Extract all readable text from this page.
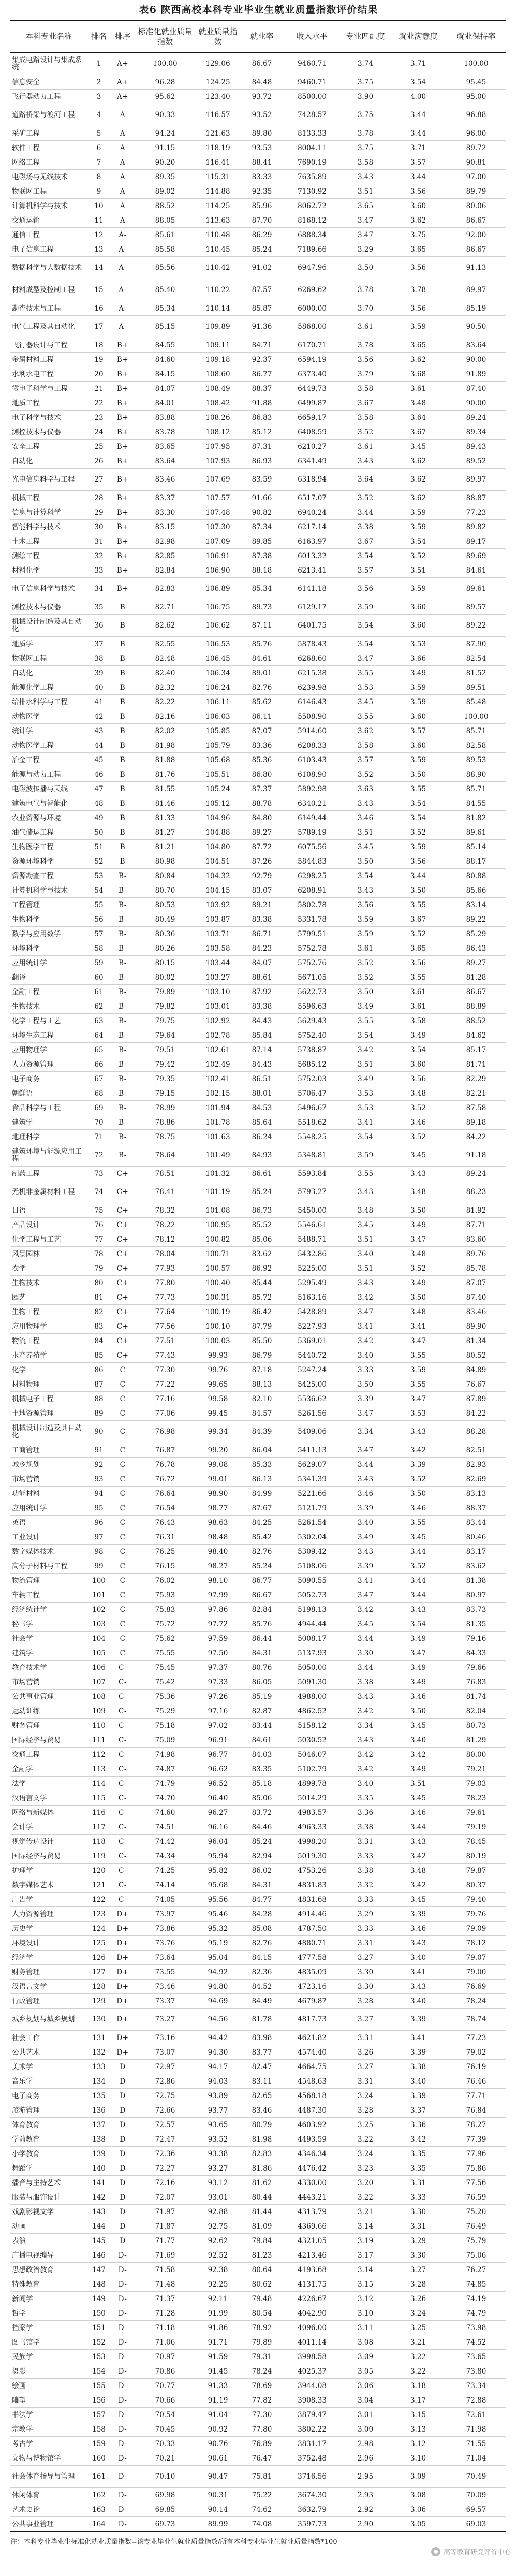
表6 陕西高校本科专业毕业生就业质量指数评价结果
本科专业名称	排名	排序	标准化就业质量指数	就业质量指数	就业率	收入水平	专业匹配度	就业满意度	就业保持率
集成电路设计与集成系统	1	A+	100.00	129.06	86.67	9460.71	3.74	3.71	100.00
信息安全	2	A+	96.28	124.25	84.48	9460.71	3.75	3.54	95.45
飞行器动力工程	3	A+	95.62	123.40	93.72	8500.00	3.90	4.00	95.00
道路桥梁与渡河工程	4	A	90.33	116.57	93.52	7428.57	3.75	3.44	96.88
采矿工程	5	A	94.24	121.63	89.80	8133.33	3.78	3.44	96.00
软件工程	6	A	91.15	118.19	93.53	8004.11	3.75	3.71	89.72
网络工程	7	A	90.20	116.41	88.41	7690.19	3.58	3.57	90.81
电磁场与无线技术	8	A	89.35	115.31	83.33	7635.89	3.43	3.44	97.00
物联网工程	9	A	89.02	114.88	92.35	7130.92	3.51	3.56	89.79
计算机科学与技术	10	A	88.52	114.25	85.96	8062.72	3.65	3.60	80.06
交通运输	11	A	88.05	113.63	87.70	8168.12	3.47	3.62	86.67
通信工程	12	A-	85.61	110.48	86.29	6888.34	3.47	3.75	92.00
电子信息工程	13	A-	85.58	110.45	85.24	7189.66	3.29	3.65	86.67
数据科学与大数据技术	14	A-	85.56	110.42	91.02	6947.96	3.50	3.56	91.13
材料成型及控制工程	15	A-	85.40	110.22	87.57	6269.62	3.78	3.78	89.97
勘查技术与工程	16	A-	85.34	110.14	85.87	6000.00	3.70	3.56	85.19
电气工程及其自动化	17	A-	85.15	109.89	91.36	5868.00	3.61	3.59	90.50
飞行器设计与工程	18	B+	84.55	109.11	84.71	6170.71	3.78	3.65	83.64
金属材料工程	19	B+	84.60	109.18	92.37	6594.19	3.56	3.62	90.00
水利水电工程	20	B+	84.15	108.60	86.77	6373.40	3.79	3.68	91.89
微电子科学与工程	21	B+	84.07	108.49	88.37	6449.73	3.58	3.61	87.40
地质工程	22	B+	84.01	108.42	91.88	6499.87	3.67	3.48	90.00
电子科学与技术	23	B+	83.88	108.26	86.83	6659.17	3.58	3.64	89.24
测控技术与仪器	24	B+	83.78	108.12	85.12	6408.59	3.52	3.67	89.34
安全工程	25	B+	83.65	107.95	87.31	6210.27	3.61	3.45	89.43
自动化	26	B+	83.64	107.93	86.93	6341.49	3.43	3.62	89.52
光电信息科学与工程	27	B+	83.46	107.69	83.59	6318.94	3.64	3.62	89.97
机械工程	28	B+	83.37	107.57	91.66	6517.07	3.52	3.62	88.87
信息与计算科学	29	B+	83.30	107.48	90.82	6940.24	3.44	3.59	77.23
智能科学与技术	30	B+	83.15	107.30	87.34	6217.14	3.38	3.59	89.82
土木工程	31	B+	82.98	107.09	89.85	6163.97	3.67	3.54	89.17
测绘工程	32	B+	82.85	106.91	87.38	6013.32	3.54	3.52	89.69
材料化学	33	B+	82.84	106.90	88.18	6213.41	3.57	3.51	84.61
电子信息科学与技术	34	B+	82.83	106.89	85.34	6141.18	3.56	3.59	89.61
测控技术与仪器	35	B	82.71	106.75	89.73	6129.17	3.59	3.60	89.57
机械设计制造及其自动化	36	B	82.62	106.62	87.11	6401.75	3.54	3.60	89.22
地质学	37	B	82.55	106.53	85.76	5878.43	3.54	3.53	87.90
物联网工程	38	B	82.48	106.45	84.61	6268.60	3.47	3.66	82.54
自动化	39	B	82.40	106.34	89.01	6215.38	3.55	3.49	81.52
能源化学工程	40	B	82.32	106.24	82.76	6239.98	3.53	3.59	89.51
给排水科学与工程	41	B	82.22	106.11	85.62	6146.43	3.45	3.59	85.48
动物医学	42	B	82.16	106.03	86.11	5508.90	3.55	3.60	100.00
统计学	43	B	82.02	105.85	87.07	5914.60	3.62	3.57	85.71
动物医学工程	44	B	81.98	105.79	83.36	6208.33	3.58	3.60	82.58
冶金工程	45	B	81.88	105.68	85.36	6103.43	3.57	3.59	89.53
能源与动力工程	46	B	81.76	105.51	86.80	6108.90	3.52	3.50	88.90
电磁波传播与天线	47	B	81.55	105.24	87.37	5892.98	3.63	3.55	85.71
建筑电气与智能化	48	B	81.46	105.12	88.78	6340.21	3.43	3.54	84.55
农业资源与环境	49	B	81.33	104.96	84.80	6149.44	3.46	3.54	81.82
油气储运工程	50	B	81.27	104.88	89.27	5789.19	3.51	3.52	89.61
生物医学工程	51	B	81.21	104.80	87.72	6075.56	3.45	3.59	85.14
资源环境科学	52	B	80.98	104.51	87.26	5844.83	3.50	3.56	88.17
资源勘查工程	53	B-	80.84	104.32	92.79	6298.25	3.54	3.44	80.88
计算机科学与技术	54	B-	80.70	104.15	83.07	6208.91	3.43	3.50	85.66
工程管理	55	B-	80.53	103.92	89.21	5802.78	3.56	3.55	83.14
生物科学	56	B-	80.49	103.87	83.38	5331.78	3.59	3.67	89.22
数学与应用数学	57	B-	80.36	103.71	86.71	5799.51	3.59	3.52	85.29
环境科学	58	B-	80.26	103.58	84.23	5752.78	3.61	3.65	86.43
应用统计学	59	B-	80.15	103.44	84.07	5752.76	3.52	3.56	89.27
翻译	60	B-	80.02	103.27	88.61	5671.05	3.52	3.55	81.28
金融工程	61	B-	79.89	103.10	87.92	5622.73	3.50	3.61	86.67
生物技术	62	B-	79.82	103.01	83.38	5596.63	3.49	3.61	88.89
化学工程与工艺	63	B-	79.75	102.92	84.43	5629.43	3.55	3.58	88.52
环境生态工程	64	B-	79.64	102.78	85.84	5752.40	3.54	3.49	84.62
应用物理学	65	B-	79.51	102.61	87.14	5738.87	3.42	3.54	85.17
人力资源管理	66	B-	79.42	102.49	84.43	5685.12	3.51	3.60	81.71
电子商务	67	B-	79.35	102.41	86.51	5752.03	3.49	3.56	82.29
朝鲜语	68	B-	79.15	102.15	88.01	5706.47	3.53	3.48	82.21
食品科学与工程	69	B-	78.99	101.94	84.53	5496.67	3.53	3.52	87.58
建筑学	70	B-	78.86	101.78	85.64	5518.62	3.41	3.46	89.18
地理科学	71	B-	78.75	101.63	86.24	5548.25	3.54	3.52	84.22
建筑环境与能源应用工程	72	B-	78.64	101.49	84.93	5348.81	3.59	3.45	91.18
制药工程	73	C+	78.51	101.32	86.61	5593.84	3.55	3.43	89.24
无机非金属材料工程	74	C+	78.41	101.19	85.24	5793.27	3.43	3.48	88.23
日语	75	C+	78.32	101.08	86.73	5450.00	3.48	3.50	81.92
产品设计	76	C+	78.22	100.95	85.52	5546.61	3.45	3.49	87.71
化学工程与工艺	77	C+	78.12	100.82	85.06	5488.71	3.51	3.47	83.60
风景园林	78	C+	78.04	100.71	83.62	5432.86	3.40	3.48	89.76
农学	79	C+	77.93	100.57	86.92	5225.00	3.51	3.52	85.78
生物技术	80	C+	77.80	100.40	85.44	5295.49	3.43	3.49	87.07
园艺	81	C+	77.73	100.31	85.72	5163.16	3.42	3.50	87.40
生物工程	82	C+	77.64	100.19	86.42	5428.89	3.47	3.48	83.46
应用物理学	83	C+	77.56	100.10	87.79	5227.93	3.41	3.41	89.90
物流工程	84	C+	77.51	100.03	85.50	5369.01	3.42	3.47	81.34
水产养殖学	85	C+	77.43	99.93	86.79	5440.72	3.40	3.55	80.52
化学	86	C	77.30	99.76	87.18	5247.24	3.33	3.59	84.89
材料物理	87	C	77.22	99.65	88.13	5425.00	3.50	3.55	76.67
机械电子工程	88	C	77.16	99.58	82.10	5536.62	3.39	3.47	87.89
土地资源管理	89	C	77.06	99.45	84.57	5261.56	3.47	3.53	84.22
机械设计制造及其自动化	90	C	76.98	99.34	84.39	5409.06	3.34	3.43	88.28
工商管理	91	C	76.87	99.20	86.04	5411.13	3.47	3.42	82.51
城乡规划	92	C	76.78	99.08	85.33	5629.07	3.44	3.39	82.93
市场营销	93	C	76.72	99.01	86.13	5341.39	3.43	3.52	82.69
功能材料	94	C	76.64	98.90	84.99	5221.66	3.46	3.50	83.13
应用统计学	95	C	76.54	98.77	87.67	5121.79	3.39	3.46	88.37
英语	96	C	76.43	98.63	84.25	5261.54	3.40	3.55	83.44
工业设计	97	C	76.31	98.48	85.42	5302.04	3.49	3.45	80.46
数字媒体技术	98	C	76.25	98.40	82.76	5309.42	3.43	3.44	83.17
高分子材料与工程	99	C	76.15	98.27	85.24	5108.06	3.39	3.52	83.62
物流管理	100	C	76.02	98.10	86.77	5090.55	3.41	3.44	81.38
车辆工程	101	C	75.93	97.99	86.67	5052.73	3.47	3.44	80.97
经济统计学	102	C	75.83	97.86	82.84	5198.13	3.42	3.43	83.73
秘书学	103	C	75.72	97.72	85.76	4944.44	3.45	3.54	81.35
社会学	104	C	75.62	97.59	86.44	5008.17	3.44	3.49	79.16
建筑学	105	C	75.55	97.50	84.31	5137.93	3.30	3.47	84.33
教育技术学	106	C-	75.45	97.37	80.76	5050.00	3.44	3.49	79.66
市场营销	107	C-	75.42	97.33	86.05	5091.30	3.38	3.49	76.83
公共事业管理	108	C-	75.36	97.26	85.19	4988.00	3.43	3.46	81.74
运动训练	109	C-	75.29	97.16	82.87	4862.52	3.42	3.50	82.04
财务管理	110	C-	75.18	97.02	83.44	5158.12	3.34	3.45	80.73
国际经济与贸易	111	C-	75.09	96.91	84.61	5030.52	3.43	3.40	81.29
交通工程	112	C-	74.98	96.77	84.03	5046.07	3.42	3.42	80.00
金融学	113	C-	74.87	96.62	83.35	5102.79	3.42	3.49	79.21
法学	114	C-	74.79	96.52	85.18	4899.78	3.40	3.51	79.03
汉语言文学	115	C-	74.70	96.40	85.06	5014.29	3.35	3.45	78.23
网络与新媒体	116	C-	74.60	96.27	83.72	4983.57	3.36	3.46	79.61
会计学	117	C-	74.51	96.16	84.46	4963.33	3.38	3.44	79.19
视觉传达设计	118	C-	74.42	96.04	85.24	4998.20	3.31	3.43	78.45
国际经济与贸易	119	C-	74.34	95.94	82.94	5019.30	3.33	3.42	80.19
护理学	120	C-	74.25	95.82	86.02	4753.26	3.38	3.48	79.87
数字媒体艺术	121	C-	74.14	95.68	84.31	4831.83	3.32	3.42	80.37
广告学	122	C-	74.05	95.56	84.77	4831.68	3.33	3.45	79.40
人力资源管理	123	D+	73.97	95.46	84.28	4914.46	3.29	3.39	79.76
历史学	124	D+	73.86	95.32	85.08	4787.50	3.33	3.46	79.09
环境设计	125	D+	73.76	95.19	82.76	4880.71	3.31	3.43	78.12
经济学	126	D+	73.64	95.04	84.15	4777.58	3.27	3.40	79.07
财务管理	127	D+	73.55	94.92	82.36	4835.09	3.30	3.41	79.00
汉语言文学	128	D+	73.46	94.80	84.52	4723.16	3.30	3.43	76.69
行政管理	129	D+	73.37	94.69	84.49	4679.87	3.28	3.40	78.24
城乡规划与城乡规划	130	D+	73.27	94.56	81.78	4817.73	3.27	3.39	78.74
社会工作	131	D+	73.16	94.42	83.98	4621.82	3.31	3.41	77.23
公共艺术	132	D+	73.07	94.30	83.77	4574.40	3.26	3.39	79.02
美术学	133	D	72.97	94.17	82.47	4664.75	3.27	3.38	76.19
音乐学	134	D	72.86	94.03	83.11	4548.63	3.31	3.40	76.46
电子商务	135	D	72.75	93.89	82.65	4568.18	3.24	3.39	77.71
旅游管理	136	D	72.66	93.77	83.46	4487.30	3.28	3.37	76.84
体育教育	137	D	72.57	93.65	80.79	4603.92	3.25	3.36	78.27
学前教育	138	D	72.47	93.52	81.98	4493.59	3.22	3.42	77.39
小学教育	139	D	72.36	93.38	82.83	4346.34	3.24	3.35	77.96
舞蹈学	140	D	72.27	93.27	81.86	4476.42	3.23	3.35	75.86
播音与主持艺术	141	D	72.16	93.12	81.62	4330.00	3.20	3.31	77.56
服装与服饰设计	142	D	72.07	93.01	80.44	4443.21	3.22	3.33	76.59
戏剧影视文学	143	D	71.97	92.88	81.44	4313.79	3.21	3.30	75.20
动画	144	D	71.87	92.75	81.09	4369.66	3.14	3.31	76.49
表演	145	D	71.77	92.62	79.84	4321.05	3.19	3.29	75.79
广播电视编导	146	D-	71.69	92.52	81.23	4213.46	3.17	3.30	75.06
思想政治教育	147	D-	71.58	92.38	80.64	4193.68	3.14	3.27	76.27
特殊教育	148	D-	71.48	92.25	80.62	4131.75	3.15	3.28	74.85
新闻学	149	D-	71.37	92.11	79.48	4226.67	3.12	3.26	74.19
哲学	150	D-	71.28	91.99	80.54	4042.90	3.10	3.24	74.79
档案学	151	D-	71.18	91.86	78.92	4096.00	3.11	3.25	73.98
图书馆学	152	D-	71.06	91.71	79.89	4011.14	3.08	3.21	74.52
民族学	153	D-	70.97	91.59	79.31	3998.58	3.09	3.22	73.65
摄影	154	D-	70.86	91.45	78.24	4025.37	3.05	3.22	73.80
绘画	155	D-	70.77	91.33	78.69	3944.08	3.06	3.18	73.34
雕塑	156	D-	70.66	91.19	77.82	3908.33	3.04	3.17	72.88
书法学	157	D-	70.54	91.04	77.30	3879.47	3.01	3.15	72.61
宗教学	158	D-	70.45	90.92	77.80	3802.22	3.00	3.13	71.98
考古学	159	D-	70.33	90.76	76.89	3831.17	2.98	3.12	71.55
文物与博物馆学	160	D-	70.21	90.61	76.47	3752.48	2.96	3.10	71.04
社会体育指导与管理	161	D-	70.10	90.47	75.81	3716.56	2.95	3.09	70.49
休闲体育	162	D-	69.98	90.31	75.22	3674.30	2.93	3.08	70.09
艺术史论	163	D-	69.85	90.14	74.62	3632.79	2.92	3.06	69.57
公共事业管理	164	D-	69.73	89.99	74.08	3597.73	2.90	3.05	69.03
注：本科专业毕业生标准化就业质量指数=该专业毕业生就业质量指数/所有本科专业毕业生就业质量指数*100
高等教育研究评价中心
